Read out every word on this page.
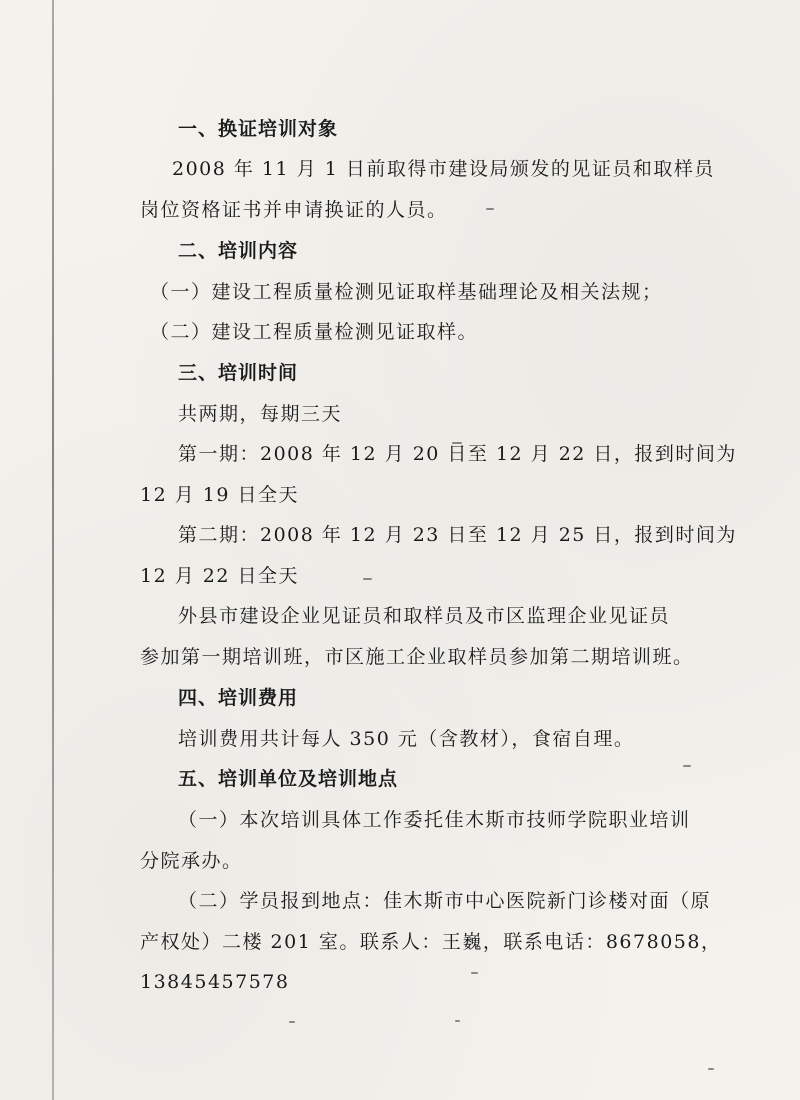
一、换证培训对象
2008 年 11 月 1 日前取得市建设局颁发的见证员和取样员
岗位资格证书并申请换证的人员。
二、培训内容
（一）建设工程质量检测见证取样基础理论及相关法规；
（二）建设工程质量检测见证取样。
三、培训时间
共两期，每期三天
第一期：2008 年 12 月 20 日至 12 月 22 日，报到时间为
12 月 19 日全天
第二期：2008 年 12 月 23 日至 12 月 25 日，报到时间为
12 月 22 日全天
外县市建设企业见证员和取样员及市区监理企业见证员
参加第一期培训班，市区施工企业取样员参加第二期培训班。
四、培训费用
培训费用共计每人 350 元（含教材），食宿自理。
五、培训单位及培训地点
（一）本次培训具体工作委托佳木斯市技师学院职业培训
分院承办。
（二）学员报到地点：佳木斯市中心医院新门诊楼对面（原
产权处）二楼 201 室。联系人：王巍，联系电话：8678058，
13845457578
